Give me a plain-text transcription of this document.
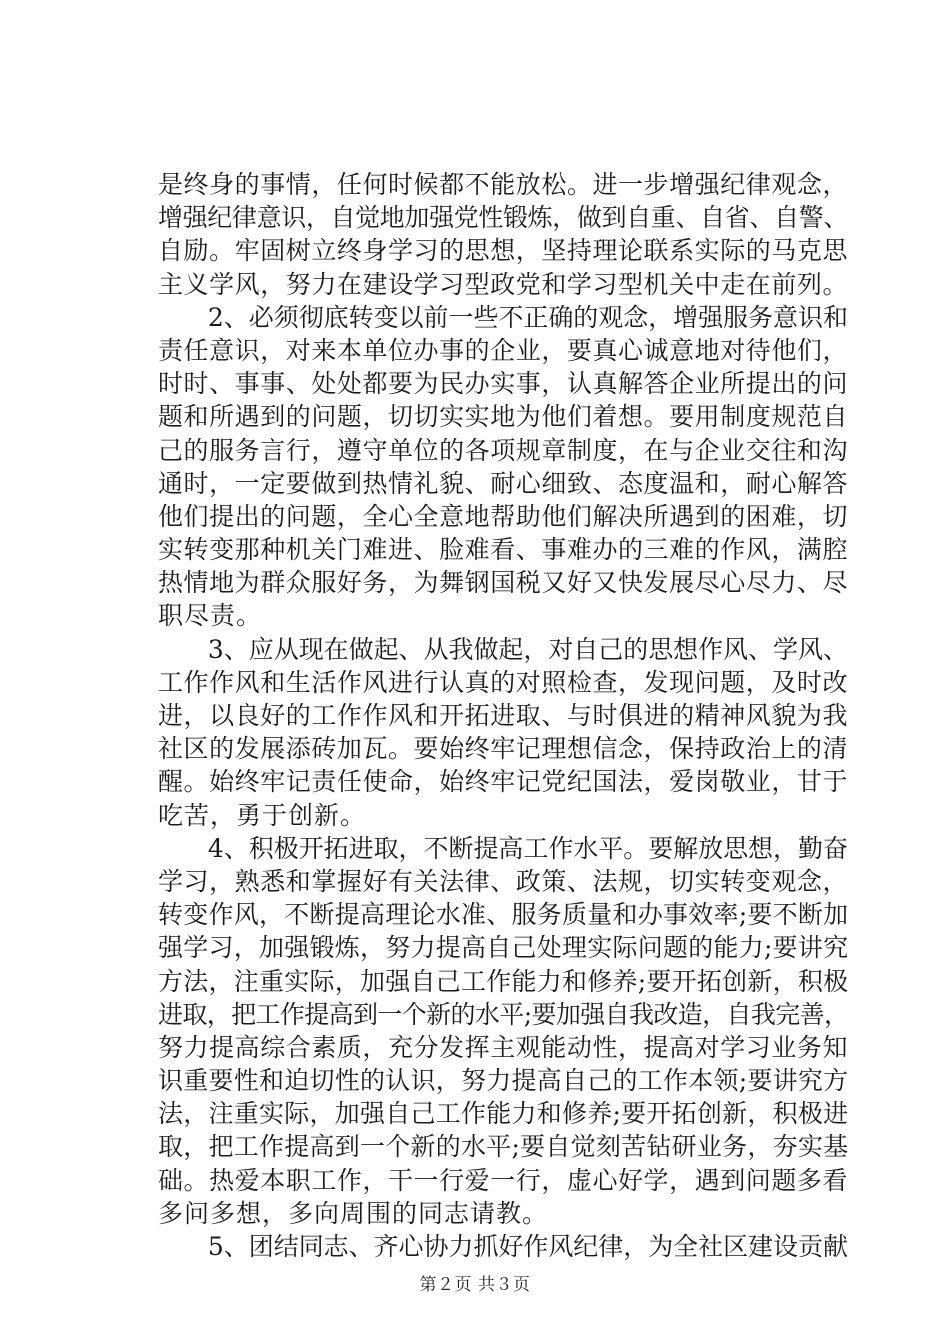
是终身的事情，任何时候都不能放松。进一步增强纪律观念，
增强纪律意识，自觉地加强党性锻炼，做到自重、自省、自警、
自励。牢固树立终身学习的思想，坚持理论联系实际的马克思
主义学风，努力在建设学习型政党和学习型机关中走在前列。
　　2、必须彻底转变以前一些不正确的观念，增强服务意识和
责任意识，对来本单位办事的企业，要真心诚意地对待他们，
时时、事事、处处都要为民办实事，认真解答企业所提出的问
题和所遇到的问题，切切实实地为他们着想。要用制度规范自
己的服务言行，遵守单位的各项规章制度，在与企业交往和沟
通时，一定要做到热情礼貌、耐心细致、态度温和，耐心解答
他们提出的问题，全心全意地帮助他们解决所遇到的困难，切
实转变那种机关门难进、脸难看、事难办的三难的作风，满腔
热情地为群众服好务，为舞钢国税又好又快发展尽心尽力、尽
职尽责。
　　3、应从现在做起、从我做起，对自己的思想作风、学风、
工作作风和生活作风进行认真的对照检查，发现问题，及时改
进，以良好的工作作风和开拓进取、与时俱进的精神风貌为我
社区的发展添砖加瓦。要始终牢记理想信念，保持政治上的清
醒。始终牢记责任使命，始终牢记党纪国法，爱岗敬业，甘于
吃苦，勇于创新。
　　4、积极开拓进取，不断提高工作水平。要解放思想，勤奋
学习，熟悉和掌握好有关法律、政策、法规，切实转变观念，
转变作风，不断提高理论水准、服务质量和办事效率;要不断加
强学习，加强锻炼，努力提高自己处理实际问题的能力;要讲究
方法，注重实际，加强自己工作能力和修养;要开拓创新，积极
进取，把工作提高到一个新的水平;要加强自我改造，自我完善，
努力提高综合素质，充分发挥主观能动性，提高对学习业务知
识重要性和迫切性的认识，努力提高自己的工作本领;要讲究方
法，注重实际，加强自己工作能力和修养;要开拓创新，积极进
取，把工作提高到一个新的水平;要自觉刻苦钻研业务，夯实基
础。热爱本职工作，干一行爱一行，虚心好学，遇到问题多看
多问多想，多向周围的同志请教。
　　5、团结同志、齐心协力抓好作风纪律，为全社区建设贡献
第２页 共３页
